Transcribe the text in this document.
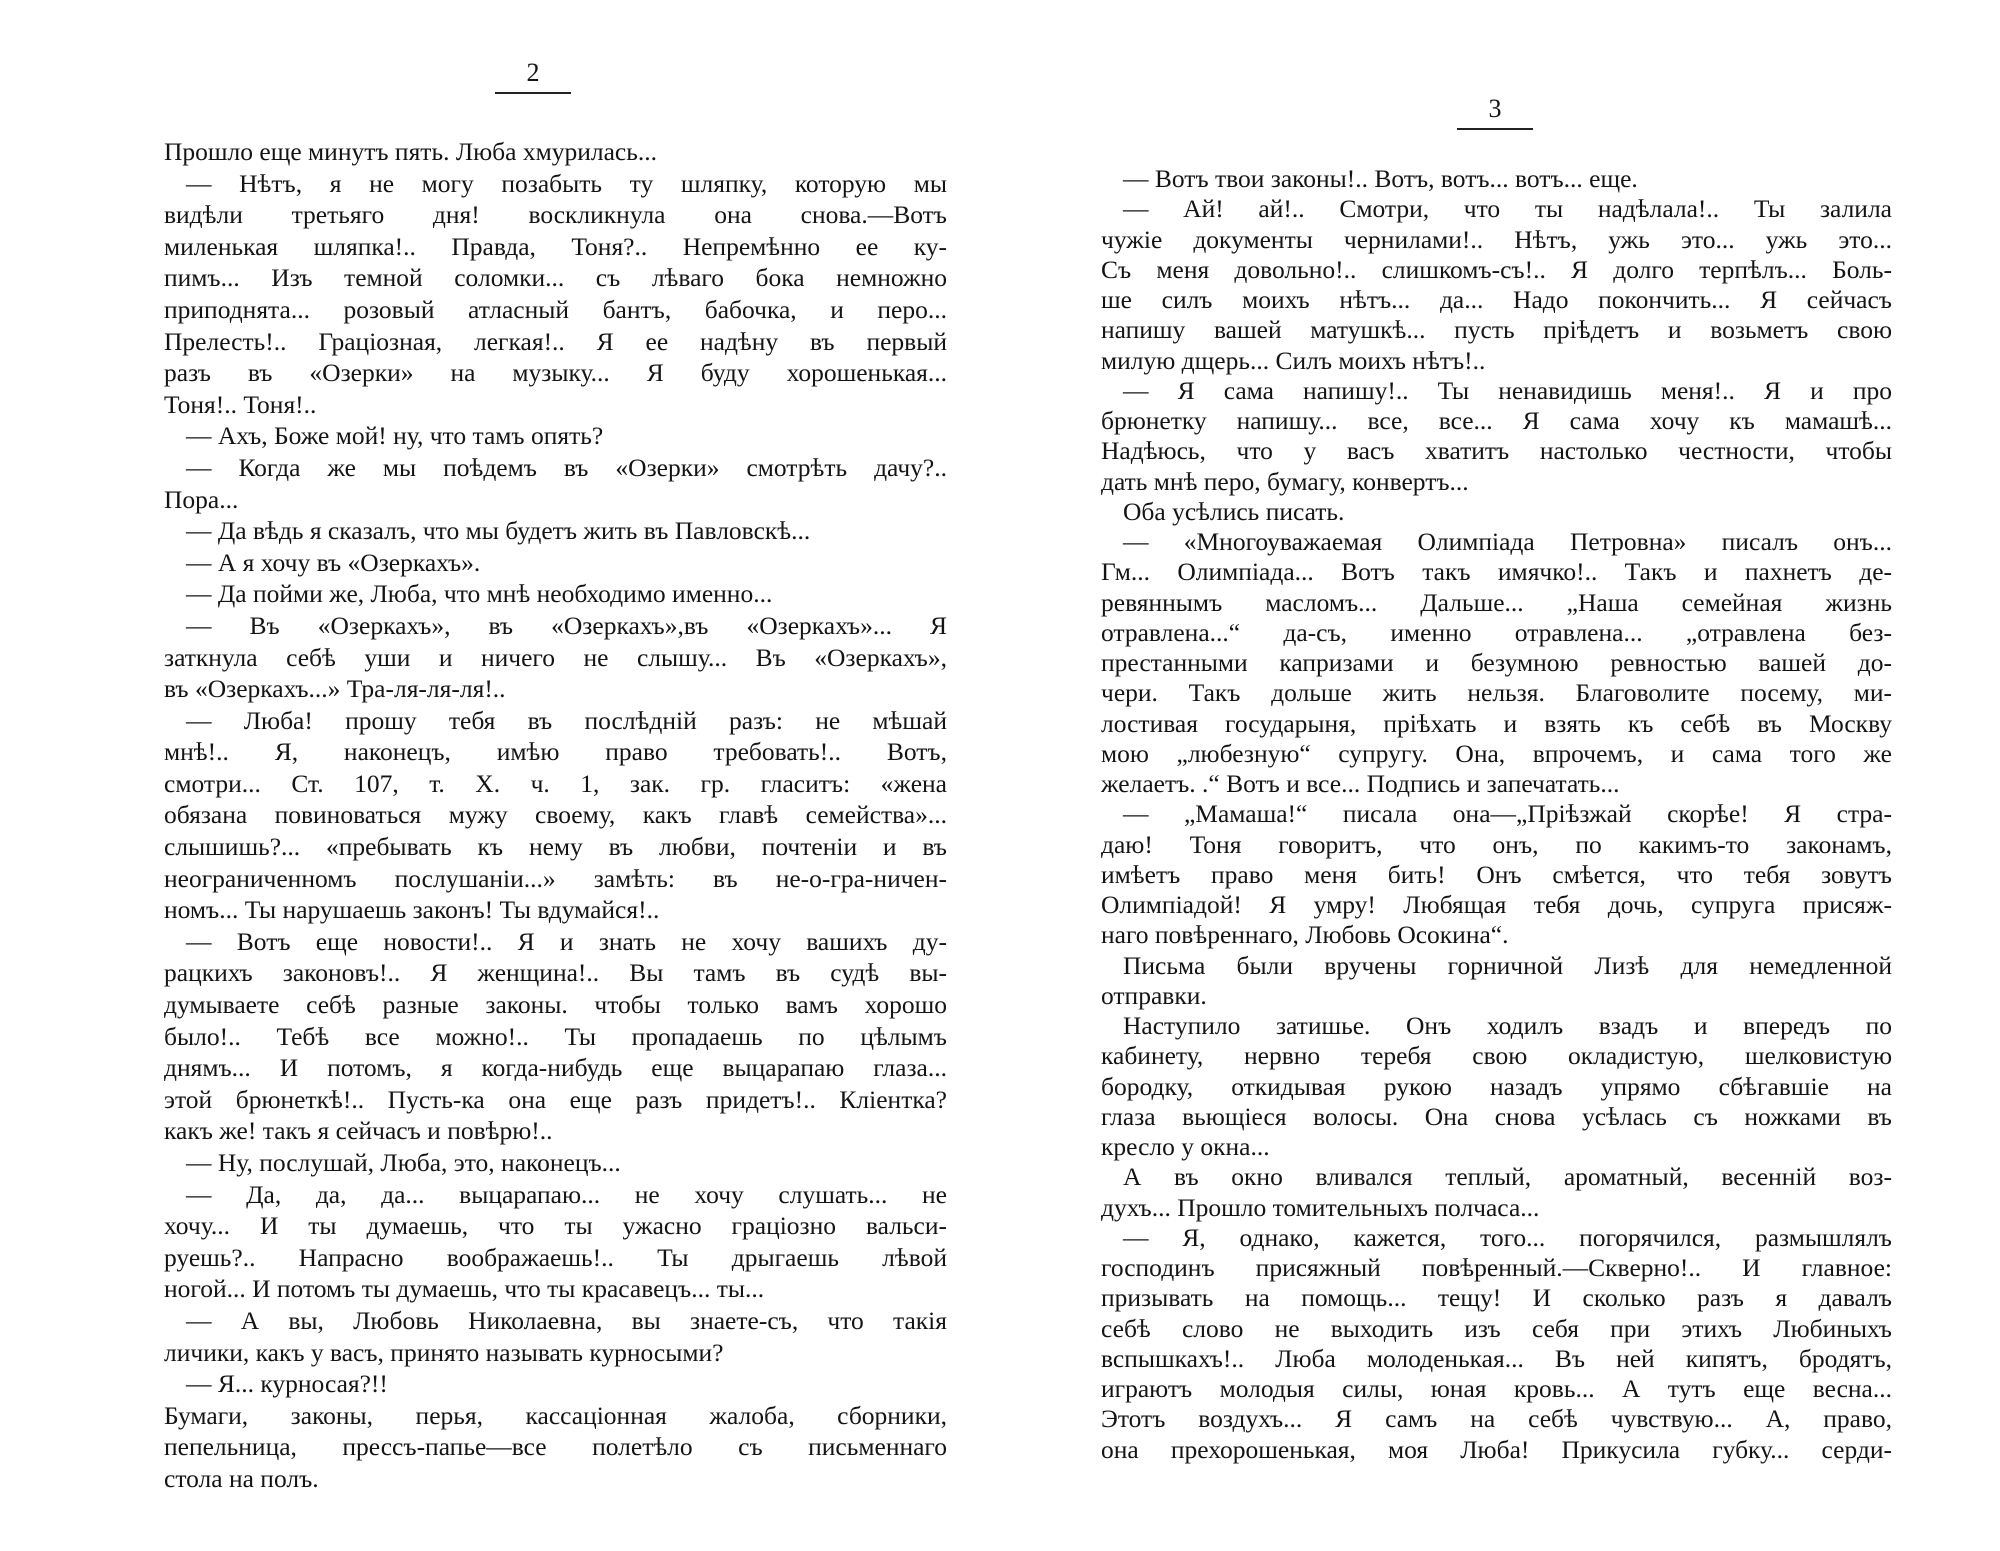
2
Прошло еще минутъ пять. Люба хмурилась...
— Нѣтъ, я не могу позабыть ту шляпку, которую мы
видѣли третьяго дня! воскликнула она снова.—Вотъ
миленькая шляпка!.. Правда, Тоня?.. Непремѣнно ее ку-
пимъ... Изъ темной соломки... съ лѣваго бока немножно
приподнята... розовый атласный бантъ, бабочка, и перо...
Прелесть!.. Граціозная, легкая!.. Я ее надѣну въ первый
разъ въ «Озерки» на музыку... Я буду хорошенькая...
Тоня!.. Тоня!..
— Ахъ, Боже мой! ну, что тамъ опять?
— Когда же мы поѣдемъ въ «Озерки» смотрѣть дачу?..
Пора...
— Да вѣдь я сказалъ, что мы будетъ жить въ Павловскѣ...
— А я хочу въ «Озеркахъ».
— Да пойми же, Люба, что мнѣ необходимо именно...
— Въ «Озеркахъ», въ «Озеркахъ»,въ «Озеркахъ»... Я
заткнула себѣ уши и ничего не слышу... Въ «Озеркахъ»,
въ «Озеркахъ...» Тра-ля-ля-ля!..
— Люба! прошу тебя въ послѣдній разъ: не мѣшай
мнѣ!.. Я, наконецъ, имѣю право требовать!.. Вотъ,
смотри... Ст. 107, т. X. ч. 1, зак. гр. гласитъ: «жена
обязана повиноваться мужу своему, какъ главѣ семейства»...
слышишь?... «пребывать къ нему въ любви, почтеніи и въ
неограниченномъ послушаніи...» замѣть: въ не-о-гра-ничен-
номъ... Ты нарушаешь законъ! Ты вдумайся!..
— Вотъ еще новости!.. Я и знать не хочу вашихъ ду-
рацкихъ законовъ!.. Я женщина!.. Вы тамъ въ судѣ вы-
думываете себѣ разные законы. чтобы только вамъ хорошо
было!.. Тебѣ все можно!.. Ты пропадаешь по цѣлымъ
днямъ... И потомъ, я когда-нибудь еще выцарапаю глаза...
этой брюнеткѣ!.. Пусть-ка она еще разъ придетъ!.. Кліентка?
какъ же! такъ я сейчасъ и повѣрю!..
— Ну, послушай, Люба, это, наконецъ...
— Да, да, да... выцарапаю... не хочу слушать... не
хочу... И ты думаешь, что ты ужасно граціозно вальси-
руешь?.. Напрасно воображаешь!.. Ты дрыгаешь лѣвой
ногой... И потомъ ты думаешь, что ты красавецъ... ты...
— А вы, Любовь Николаевна, вы знаете-съ, что такія
личики, какъ у васъ, принято называть курносыми?
— Я... курносая?!!
Бумаги, законы, перья, кассаціонная жалоба, сборники,
пепельница, прессъ-папье—все полетѣло съ письменнаго
стола на полъ.
3
— Вотъ твои законы!.. Вотъ, вотъ... вотъ... еще.
— Ай! ай!.. Смотри, что ты надѣлала!.. Ты залила
чужіе документы чернилами!.. Нѣтъ, ужь это... ужь это...
Съ меня довольно!.. слишкомъ-съ!.. Я долго терпѣлъ... Боль-
ше силъ моихъ нѣтъ... да... Надо покончить... Я сейчасъ
напишу вашей матушкѣ... пусть пріѣдетъ и возьметъ свою
милую дщерь... Силъ моихъ нѣтъ!..
— Я сама напишу!.. Ты ненавидишь меня!.. Я и про
брюнетку напишу... все, все... Я сама хочу къ мамашѣ...
Надѣюсь, что у васъ хватитъ настолько честности, чтобы
дать мнѣ перо, бумагу, конвертъ...
Оба усѣлись писать.
— «Многоуважаемая Олимпіада Петровна» писалъ онъ...
Гм... Олимпіада... Вотъ такъ имячко!.. Такъ и пахнетъ де-
ревяннымъ масломъ... Дальше... „Наша семейная жизнь
отравлена...“ да-съ, именно отравлена... „отравлена без-
престанными капризами и безумною ревностью вашей до-
чери. Такъ дольше жить нельзя. Благоволите посему, ми-
лостивая государыня, пріѣхать и взять къ себѣ въ Москву
мою „любезную“ супругу. Она, впрочемъ, и сама того же
желаетъ. .“ Вотъ и все... Подпись и запечатать...
— „Мамаша!“ писала она—„Пріѣзжай скорѣе! Я стра-
даю! Тоня говоритъ, что онъ, по какимъ-то законамъ,
имѣетъ право меня бить! Онъ смѣется, что тебя зовутъ
Олимпіадой! Я умру! Любящая тебя дочь, супруга присяж-
наго повѣреннаго, Любовь Осокина“.
Письма были вручены горничной Лизѣ для немедленной
отправки.
Наступило затишье. Онъ ходилъ взадъ и впередъ по
кабинету, нервно теребя свою окладистую, шелковистую
бородку, откидывая рукою назадъ упрямо сбѣгавшіе на
глаза вьющіеся волосы. Она снова усѣлась съ ножками въ
кресло у окна...
А въ окно вливался теплый, ароматный, весенній воз-
духъ... Прошло томительныхъ полчаса...
— Я, однако, кажется, того... погорячился, размышлялъ
господинъ присяжный повѣренный.—Скверно!.. И главное:
призывать на помощь... тещу! И сколько разъ я давалъ
себѣ слово не выходить изъ себя при этихъ Любиныхъ
вспышкахъ!.. Люба молоденькая... Въ ней кипятъ, бродятъ,
играютъ молодыя силы, юная кровь... А тутъ еще весна...
Этотъ воздухъ... Я самъ на себѣ чувствую... А, право,
она прехорошенькая, моя Люба! Прикусила губку... серди-
